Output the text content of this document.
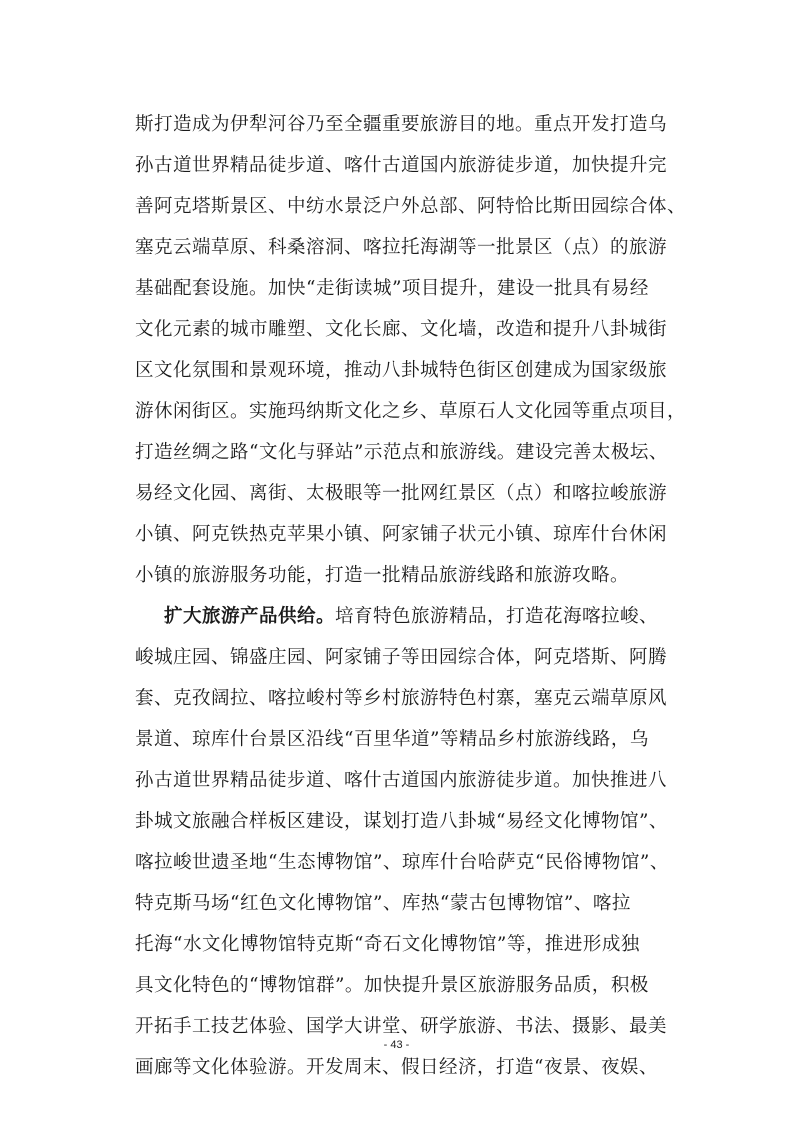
斯打造成为伊犁河谷乃至全疆重要旅游目的地。重点开发打造乌
孙古道世界精品徒步道、喀什古道国内旅游徒步道，加快提升完
善阿克塔斯景区、中纺水景泛户外总部、阿特恰比斯田园综合体、
塞克云端草原、科桑溶洞、喀拉托海湖等一批景区（点）的旅游
基础配套设施。加快“走街读城”项目提升，建设一批具有易经
文化元素的城市雕塑、文化长廊、文化墙，改造和提升八卦城街
区文化氛围和景观环境，推动八卦城特色街区创建成为国家级旅
游休闲街区。实施玛纳斯文化之乡、草原石人文化园等重点项目，
打造丝绸之路“文化与驿站”示范点和旅游线。建设完善太极坛、
易经文化园、离街、太极眼等一批网红景区（点）和喀拉峻旅游
小镇、阿克铁热克苹果小镇、阿家铺子状元小镇、琼库什台休闲
小镇的旅游服务功能，打造一批精品旅游线路和旅游攻略。
扩大旅游产品供给。培育特色旅游精品，打造花海喀拉峻、
峻城庄园、锦盛庄园、阿家铺子等田园综合体，阿克塔斯、阿腾
套、克孜阔拉、喀拉峻村等乡村旅游特色村寨，塞克云端草原风
景道、琼库什台景区沿线“百里华道”等精品乡村旅游线路，乌
孙古道世界精品徒步道、喀什古道国内旅游徒步道。加快推进八
卦城文旅融合样板区建设，谋划打造八卦城“易经文化博物馆”、
喀拉峻世遗圣地“生态博物馆”、琼库什台哈萨克“民俗博物馆”、
特克斯马场“红色文化博物馆”、库热“蒙古包博物馆”、喀拉
托海“水文化博物馆特克斯“奇石文化博物馆”等，推进形成独
具文化特色的“博物馆群”。加快提升景区旅游服务品质，积极
开拓手工技艺体验、国学大讲堂、研学旅游、书法、摄影、最美
画廊等文化体验游。开发周末、假日经济，打造“夜景、夜娱、
- 43 -
